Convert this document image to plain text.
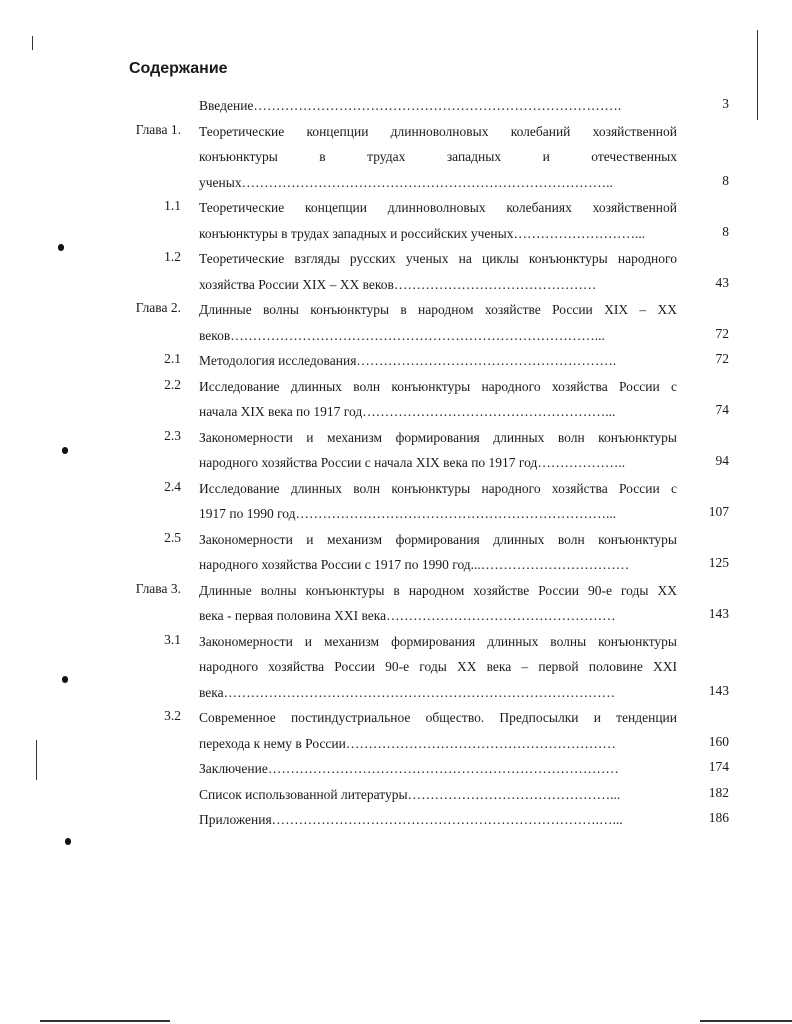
Содержание
Введение……………………………………………………………………….	3
Глава 1. Теоретические концепции длинноволновых колебаний хозяйственной
конъюнктуры в трудах западных и отечественных
ученых………………………………………………………………………..	8
1.1 Теоретические концепции длинноволновых колебаниях хозяйственной
конъюнктуры в трудах западных и российских ученых………………………...	8
1.2 Теоретические взгляды русских ученых на циклы конъюнктуры народного
хозяйства России XIX – XX веков………………………………………	43
Глава 2. Длинные волны конъюнктуры в народном хозяйстве России XIX – XX
веков………………………………………………………………………...	72
2.1 Методология исследования………………………………………………….	72
2.2 Исследование длинных волн конъюнктуры народного хозяйства России с
начала XIX века по 1917 год………………………………………………...	74
2.3 Закономерности и механизм формирования длинных волн конъюнктуры
народного хозяйства России с начала XIX века по 1917 год………………..	94
2.4 Исследование длинных волн конъюнктуры народного хозяйства России с
1917 по 1990 год……………………………………………………………...	107
2.5 Закономерности и механизм формирования длинных волн конъюнктуры
народного хозяйства России с 1917 по 1990 год...……………………………	125
Глава 3. Длинные волны конъюнктуры в народном хозяйстве России 90-е годы XX
века - первая половина XXI века……………………………………………	143
3.1 Закономерности и механизм формирования длинных волны конъюнктуры
народного хозяйства России 90-е годы XX века – первой половине XXI
века……………………………………………………………………………	143
3.2 Современное постиндустриальное общество. Предпосылки и тенденции
перехода к нему в России……………………………………………………	160
Заключение……………………………………………………………………	174
Список использованной литературы………………………………………...	182
Приложения……………………………………………………………….…...	186
